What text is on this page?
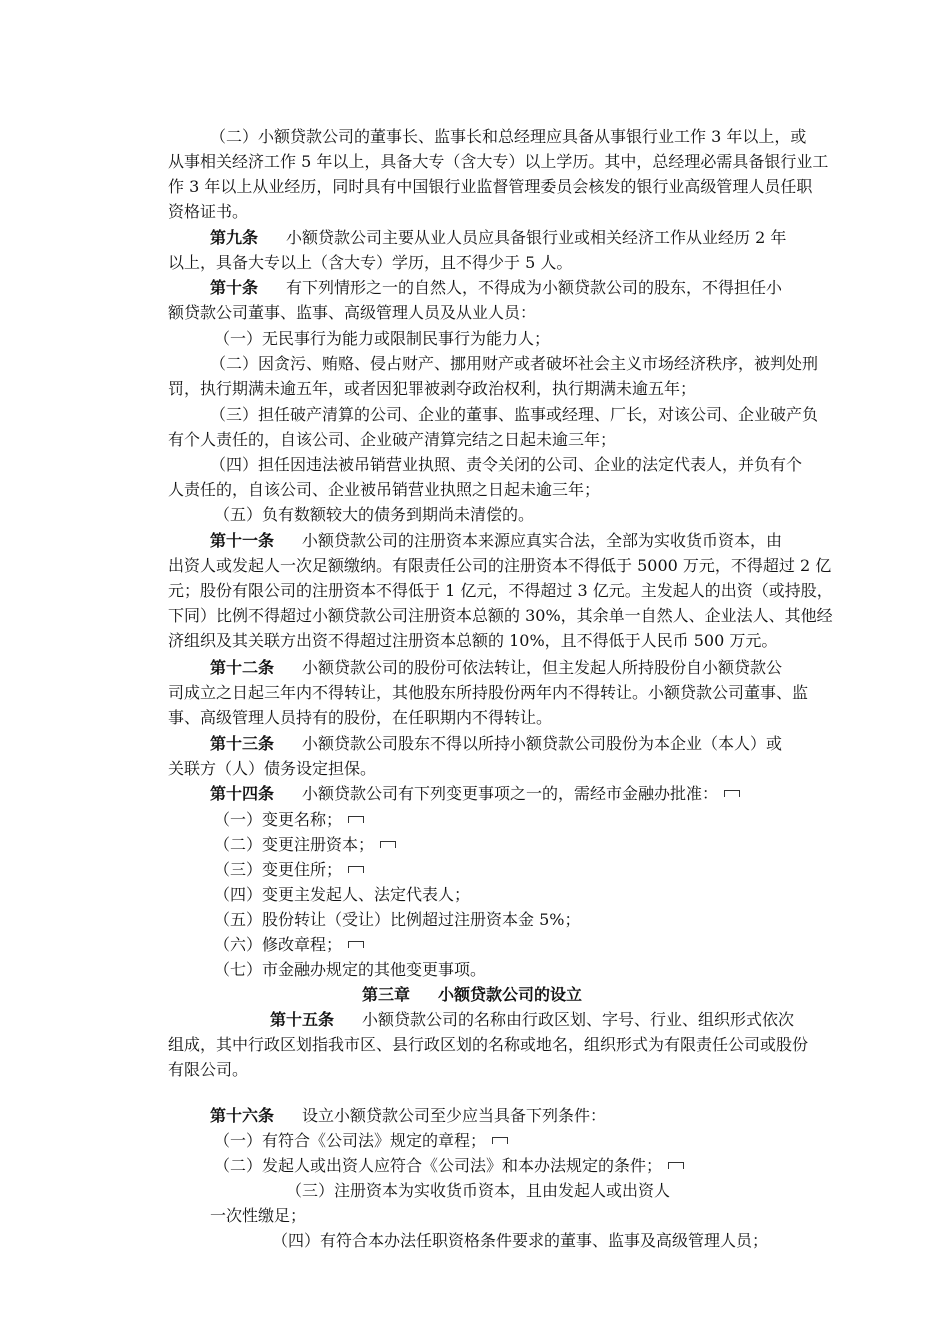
（二）小额贷款公司的董事长、监事长和总经理应具备从事银行业工作 3 年以上，或
从事相关经济工作 5 年以上，具备大专（含大专）以上学历。其中，总经理必需具备银行业工
作 3 年以上从业经历，同时具有中国银行业监督管理委员会核发的银行业高级管理人员任职
资格证书。
第九条 小额贷款公司主要从业人员应具备银行业或相关经济工作从业经历 2 年
以上，具备大专以上（含大专）学历，且不得少于 5 人。
第十条 有下列情形之一的自然人，不得成为小额贷款公司的股东，不得担任小
额贷款公司董事、监事、高级管理人员及从业人员：
（一）无民事行为能力或限制民事行为能力人；
（二）因贪污、贿赂、侵占财产、挪用财产或者破坏社会主义市场经济秩序，被判处刑
罚，执行期满未逾五年，或者因犯罪被剥夺政治权利，执行期满未逾五年；
（三）担任破产清算的公司、企业的董事、监事或经理、厂长，对该公司、企业破产负
有个人责任的，自该公司、企业破产清算完结之日起未逾三年；
（四）担任因违法被吊销营业执照、责令关闭的公司、企业的法定代表人，并负有个
人责任的，自该公司、企业被吊销营业执照之日起未逾三年；
（五）负有数额较大的债务到期尚未清偿的。
第十一条 小额贷款公司的注册资本来源应真实合法，全部为实收货币资本，由
出资人或发起人一次足额缴纳。有限责任公司的注册资本不得低于 5000 万元，不得超过 2 亿
元；股份有限公司的注册资本不得低于 1 亿元，不得超过 3 亿元。主发起人的出资（或持股，
下同）比例不得超过小额贷款公司注册资本总额的 30%，其余单一自然人、企业法人、其他经
济组织及其关联方出资不得超过注册资本总额的 10%，且不得低于人民币 500 万元。
第十二条 小额贷款公司的股份可依法转让，但主发起人所持股份自小额贷款公
司成立之日起三年内不得转让，其他股东所持股份两年内不得转让。小额贷款公司董事、监
事、高级管理人员持有的股份，在任职期内不得转让。
第十三条 小额贷款公司股东不得以所持小额贷款公司股份为本企业（本人）或
关联方（人）债务设定担保。
第十四条 小额贷款公司有下列变更事项之一的，需经市金融办批准：
（一）变更名称；
（二）变更注册资本；
（三）变更住所；
（四）变更主发起人、法定代表人；
（五）股份转让（受让）比例超过注册资本金 5%；
（六）修改章程；
（七）市金融办规定的其他变更事项。
第三章 小额贷款公司的设立
第十五条 小额贷款公司的名称由行政区划、字号、行业、组织形式依次
组成，其中行政区划指我市区、县行政区划的名称或地名，组织形式为有限责任公司或股份
有限公司。
第十六条 设立小额贷款公司至少应当具备下列条件：
（一）有符合《公司法》规定的章程；
（二）发起人或出资人应符合《公司法》和本办法规定的条件；
（三）注册资本为实收货币资本，且由发起人或出资人
一次性缴足；
（四）有符合本办法任职资格条件要求的董事、监事及高级管理人员；
